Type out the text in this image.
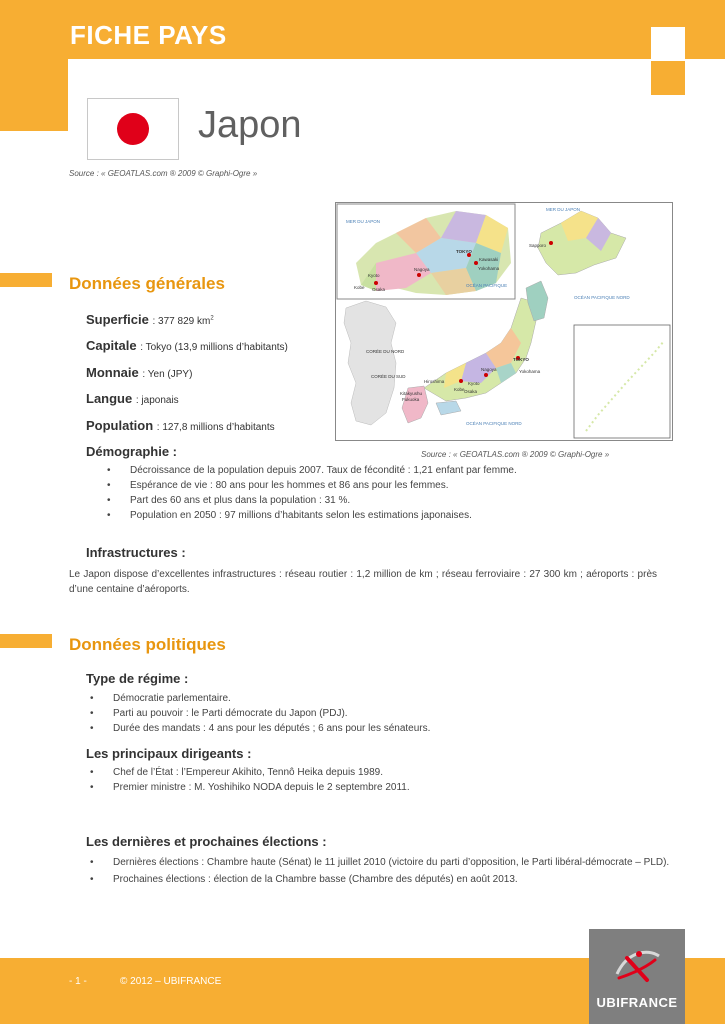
FICHE PAYS
Japon
Source : « GEOATLAS.com ® 2009 © Graphi-Ogre »
MER DU JAPON
MER DU JAPON
CORÉE DU NORD
CORÉE DU SUD
TOKYO
TOKYO
Yokohama
Yokohama
Kawasaki
Nagoya
Nagoya
Kyoto
Kyoto
Kobe
Kobe
Osaka
Osaka
Sapporo
Hiroshima
Kitakyushu
Fukuoka
OCÉAN PACIFIQUE
OCÉAN PACIFIQUE NORD
OCÉAN PACIFIQUE NORD
Source : « GEOATLAS.com ® 2009 © Graphi-Ogre »
Données générales
Superficie : 377 829 $km^2$
Capitale : Tokyo (13,9 millions d’habitants)
Monnaie : Yen (JPY)
Langue : japonais
Population : 127,8 millions d’habitants
Démographie :
• Décroissance de la population depuis 2007. Taux de fécondité : 1,21 enfant par femme.
• Espérance de vie : 80 ans pour les hommes et 86 ans pour les femmes.
• Part des 60 ans et plus dans la population : 31 %.
• Population en 2050 : 97 millions d’habitants selon les estimations japonaises.
Infrastructures :
Le Japon dispose d’excellentes infrastructures : réseau routier : 1,2 million de km ; réseau ferroviaire : 27 300 km ; aéroports : près d’une centaine d’aéroports.
Données politiques
Type de régime :
• Démocratie parlementaire.
• Parti au pouvoir : le Parti démocrate du Japon (PDJ).
• Durée des mandats : 4 ans pour les députés ; 6 ans pour les sénateurs.
Les principaux dirigeants :
• Chef de l’État : l’Empereur Akihito, Tennô Heika depuis 1989.
• Premier ministre : M. Yoshihiko NODA depuis le 2 septembre 2011.
Les dernières et prochaines élections :
• Dernières élections : Chambre haute (Sénat) le 11 juillet 2010 (victoire du parti d’opposition, le Parti libéral-démocrate – PLD).
• Prochaines élections : élection de la Chambre basse (Chambre des députés) en août 2013.
- 1 -	© 2012 – UBIFRANCE
UBIFRANCE
